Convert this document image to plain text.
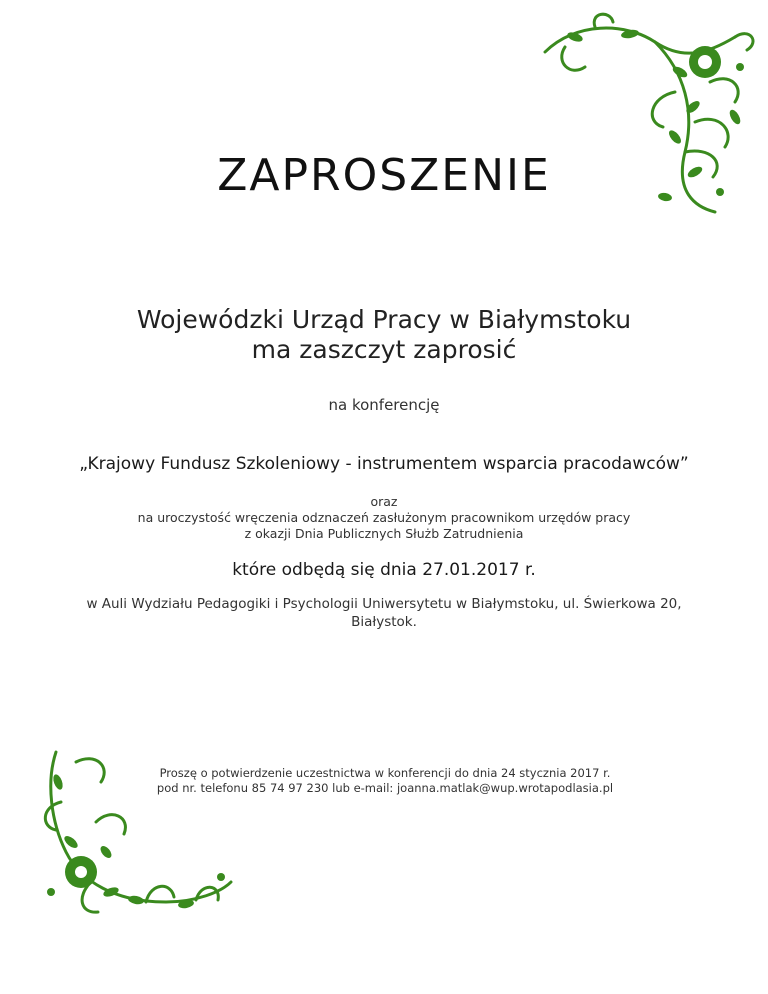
ZAPROSZENIE
Wojewódzki Urząd Pracy w Białymstoku
ma zaszczyt zaprosić
na konferencję
„Krajowy Fundusz Szkoleniowy - instrumentem wsparcia pracodawców”
oraz
na uroczystość wręczenia odznaczeń zasłużonym pracownikom urzędów pracy
z okazji Dnia Publicznych Służb Zatrudnienia
które odbędą się dnia 27.01.2017 r.
w Auli Wydziału Pedagogiki i Psychologii Uniwersytetu w Białymstoku, ul. Świerkowa 20,
Białystok.
Proszę o potwierdzenie uczestnictwa w konferencji do dnia 24 stycznia 2017 r.
pod nr. telefonu 85 74 97 230 lub e-mail: joanna.matlak@wup.wrotapodlasia.pl
